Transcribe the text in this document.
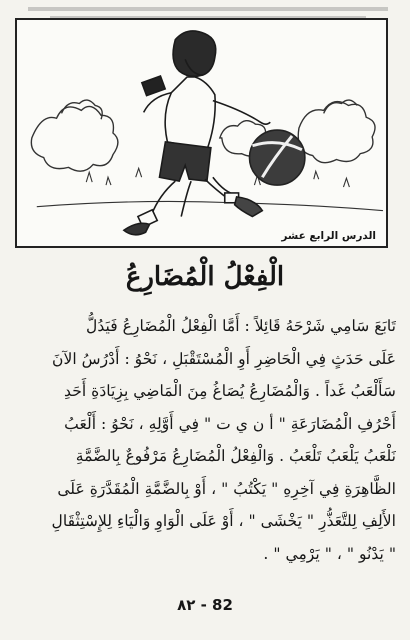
الدرس الرابع عشر
الْفِعْلُ الْمُضَارِعُ

تَابَعَ سَامِي شَرْحَهُ قَائِلاً : أَمَّا الْفِعْلُ الْمُضَارِعُ فَيَدُلُّ

عَلَى حَدَثٍ فِي الْحَاضِرِ أَوِ الْمُسْتَقْبَلِ ، نَحْوُ : أَدْرُسُ الآنَ

سَأَلْعَبُ غَداً . وَالْمُضَارِعُ يُصَاغُ مِنَ الْمَاضِي بِزِيَادَةِ أَحَدِ

أَحْرُفِ الْمُضَارَعَةِ " أ ن ي ت " فِي أَوَّلِهِ ، نَحْوُ : أَلْعَبُ

نَلْعَبُ يَلْعَبُ تَلْعَبُ . وَالْفِعْلُ الْمُضَارِعُ مَرْفُوعٌ بِالضَّمَّةِ

الظَّاهِرَةِ فِي آخِرِهِ " يَكْتُبُ " ، أَوْ بِالضَّمَّةِ الْمُقَدَّرَةِ عَلَى

الأَلِفِ لِلتَّعَذُّرِ " يَخْشَى " ، أَوْ عَلَى الْوَاوِ وَالْيَاءِ لِلإِسْتِثْقَالِ

" يَدْنُو " ، " يَرْمِي " .

٨٢ - 82
